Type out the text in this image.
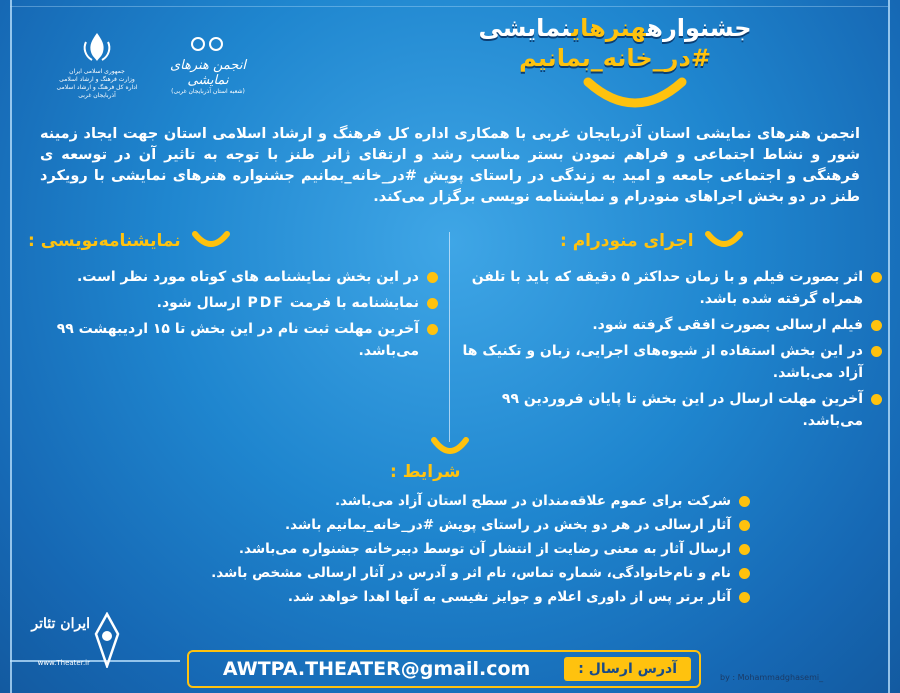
جشنوارههنرهاینمایشی
#در_خانه_بمانیم
جمهوری اسلامی ایران
وزارت فرهنگ و ارشاد اسلامی
اداره کل فرهنگ و ارشاد اسلامی آذربایجان غربی
انجمن هنرهای نمایشی
(شعبه استان آذربایجان غربی)
انجمن هنرهای نمایشی استان آذربایجان غربی با همکاری اداره کل فرهنگ و ارشاد اسلامی استان جهت ایجاد زمینه شور و نشاط اجتماعی و فراهم نمودن بستر مناسب رشد و ارتقای ژانر طنز با توجه به تاثیر آن در توسعه ی فرهنگی و اجتماعی جامعه و امید به زندگی در راستای پویش #در_خانه_بمانیم جشنواره هنرهای نمایشی با رویکرد طنز در دو بخش اجراهای منودرام و نمایشنامه نویسی برگزار می‌کند.
اجرای منودرام :
اثر بصورت فیلم و با زمان حداکثر ۵ دقیقه که باید با تلفن همراه گرفته شده باشد.
فیلم ارسالی بصورت افقی گرفته شود.
در این بخش استفاده از شیوه‌های اجرایی، زبان و تکنیک ها آزاد می‌باشد.
آخرین مهلت ارسال در این بخش تا پایان فروردین ۹۹ می‌باشد.
نمایشنامه‌نویسی :
در این بخش نمایشنامه های کوتاه مورد نظر است.
نمایشنامه با فرمت PDF ارسال شود.
آخرین مهلت ثبت نام در این بخش تا ۱۵ اردیبهشت ۹۹ می‌باشد.
شرایط :
شرکت برای عموم علاقه‌مندان در سطح استان آزاد می‌باشد.
آثار ارسالی در هر دو بخش در راستای پویش #در_خانه_بمانیم باشد.
ارسال آثار به معنی رضایت از انتشار آن توسط دبیرخانه جشنواره می‌باشد.
نام و نام‌خانوادگی، شماره تماس، نام اثر و آدرس در آثار ارسالی مشخص باشد.
آثار برتر پس از داوری اعلام و جوایز نفیسی به آنها اهدا خواهد شد.
آدرس ارسال :
AWTPA.THEATER@gmail.com
ایران تئاتر
www.Theater.ir
by : Mohammadghasemi_
